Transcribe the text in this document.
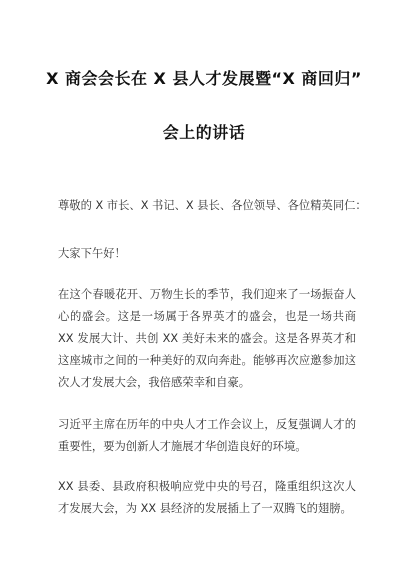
X 商会会长在 X 县人才发展暨“X 商回归”
会上的讲话
尊敬的 X 市长、X 书记、X 县长、各位领导、各位精英同仁：
大家下午好！
在这个春暖花开、万物生长的季节，我们迎来了一场振奋人心的盛会。这是一场属于各界英才的盛会，也是一场共商 XX 发展大计、共创 XX 美好未来的盛会。这是各界英才和这座城市之间的一种美好的双向奔赴。能够再次应邀参加这次人才发展大会，我倍感荣幸和自豪。
习近平主席在历年的中央人才工作会议上，反复强调人才的重要性，要为创新人才施展才华创造良好的环境。
XX 县委、县政府积极响应党中央的号召，隆重组织这次人才发展大会，为 XX 县经济的发展插上了一双腾飞的翅膀。
